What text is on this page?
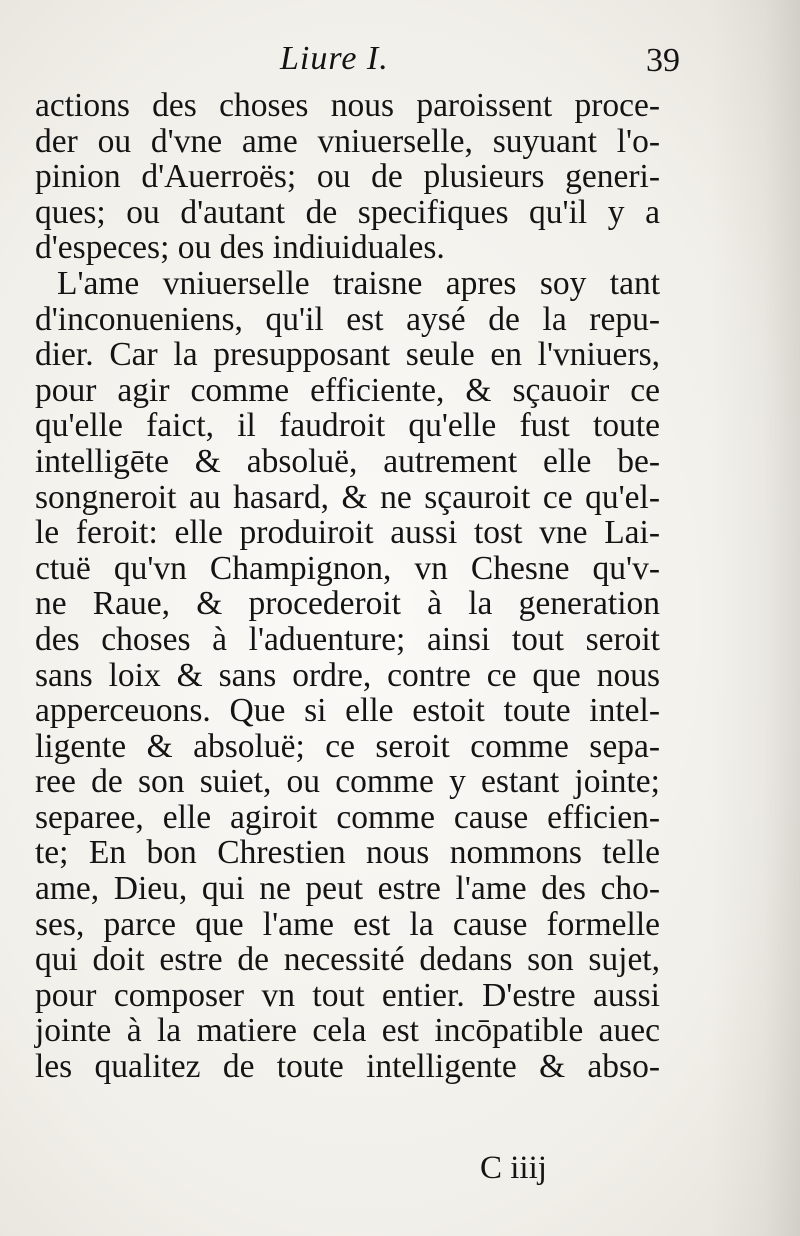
Liure I.	39
actions des choses nous paroissent proce-
der ou d'vne ame vniuerselle, suyuant l'o-
pinion d'Auerroës; ou de plusieurs generi-
ques; ou d'autant de specifiques qu'il y a
d'especes; ou des indiuiduales.
L'ame vniuerselle traisne apres soy tant
d'inconueniens, qu'il est aysé de la repu-
dier. Car la presupposant seule en l'vniuers,
pour agir comme efficiente, & sçauoir ce
qu'elle faict, il faudroit qu'elle fust toute
intelligēte & absoluë, autrement elle be-
songneroit au hasard, & ne sçauroit ce qu'el-
le feroit: elle produiroit aussi tost vne Lai-
ctuë qu'vn Champignon, vn Chesne qu'v-
ne Raue, & procederoit à la generation
des choses à l'aduenture; ainsi tout seroit
sans loix & sans ordre, contre ce que nous
apperceuons. Que si elle estoit toute intel-
ligente & absoluë; ce seroit comme sepa-
ree de son suiet, ou comme y estant jointe;
separee, elle agiroit comme cause efficien-
te; En bon Chrestien nous nommons telle
ame, Dieu, qui ne peut estre l'ame des cho-
ses, parce que l'ame est la cause formelle
qui doit estre de necessité dedans son sujet,
pour composer vn tout entier. D'estre aussi
jointe à la matiere cela est incōpatible auec
les qualitez de toute intelligente & abso-
C iiij
